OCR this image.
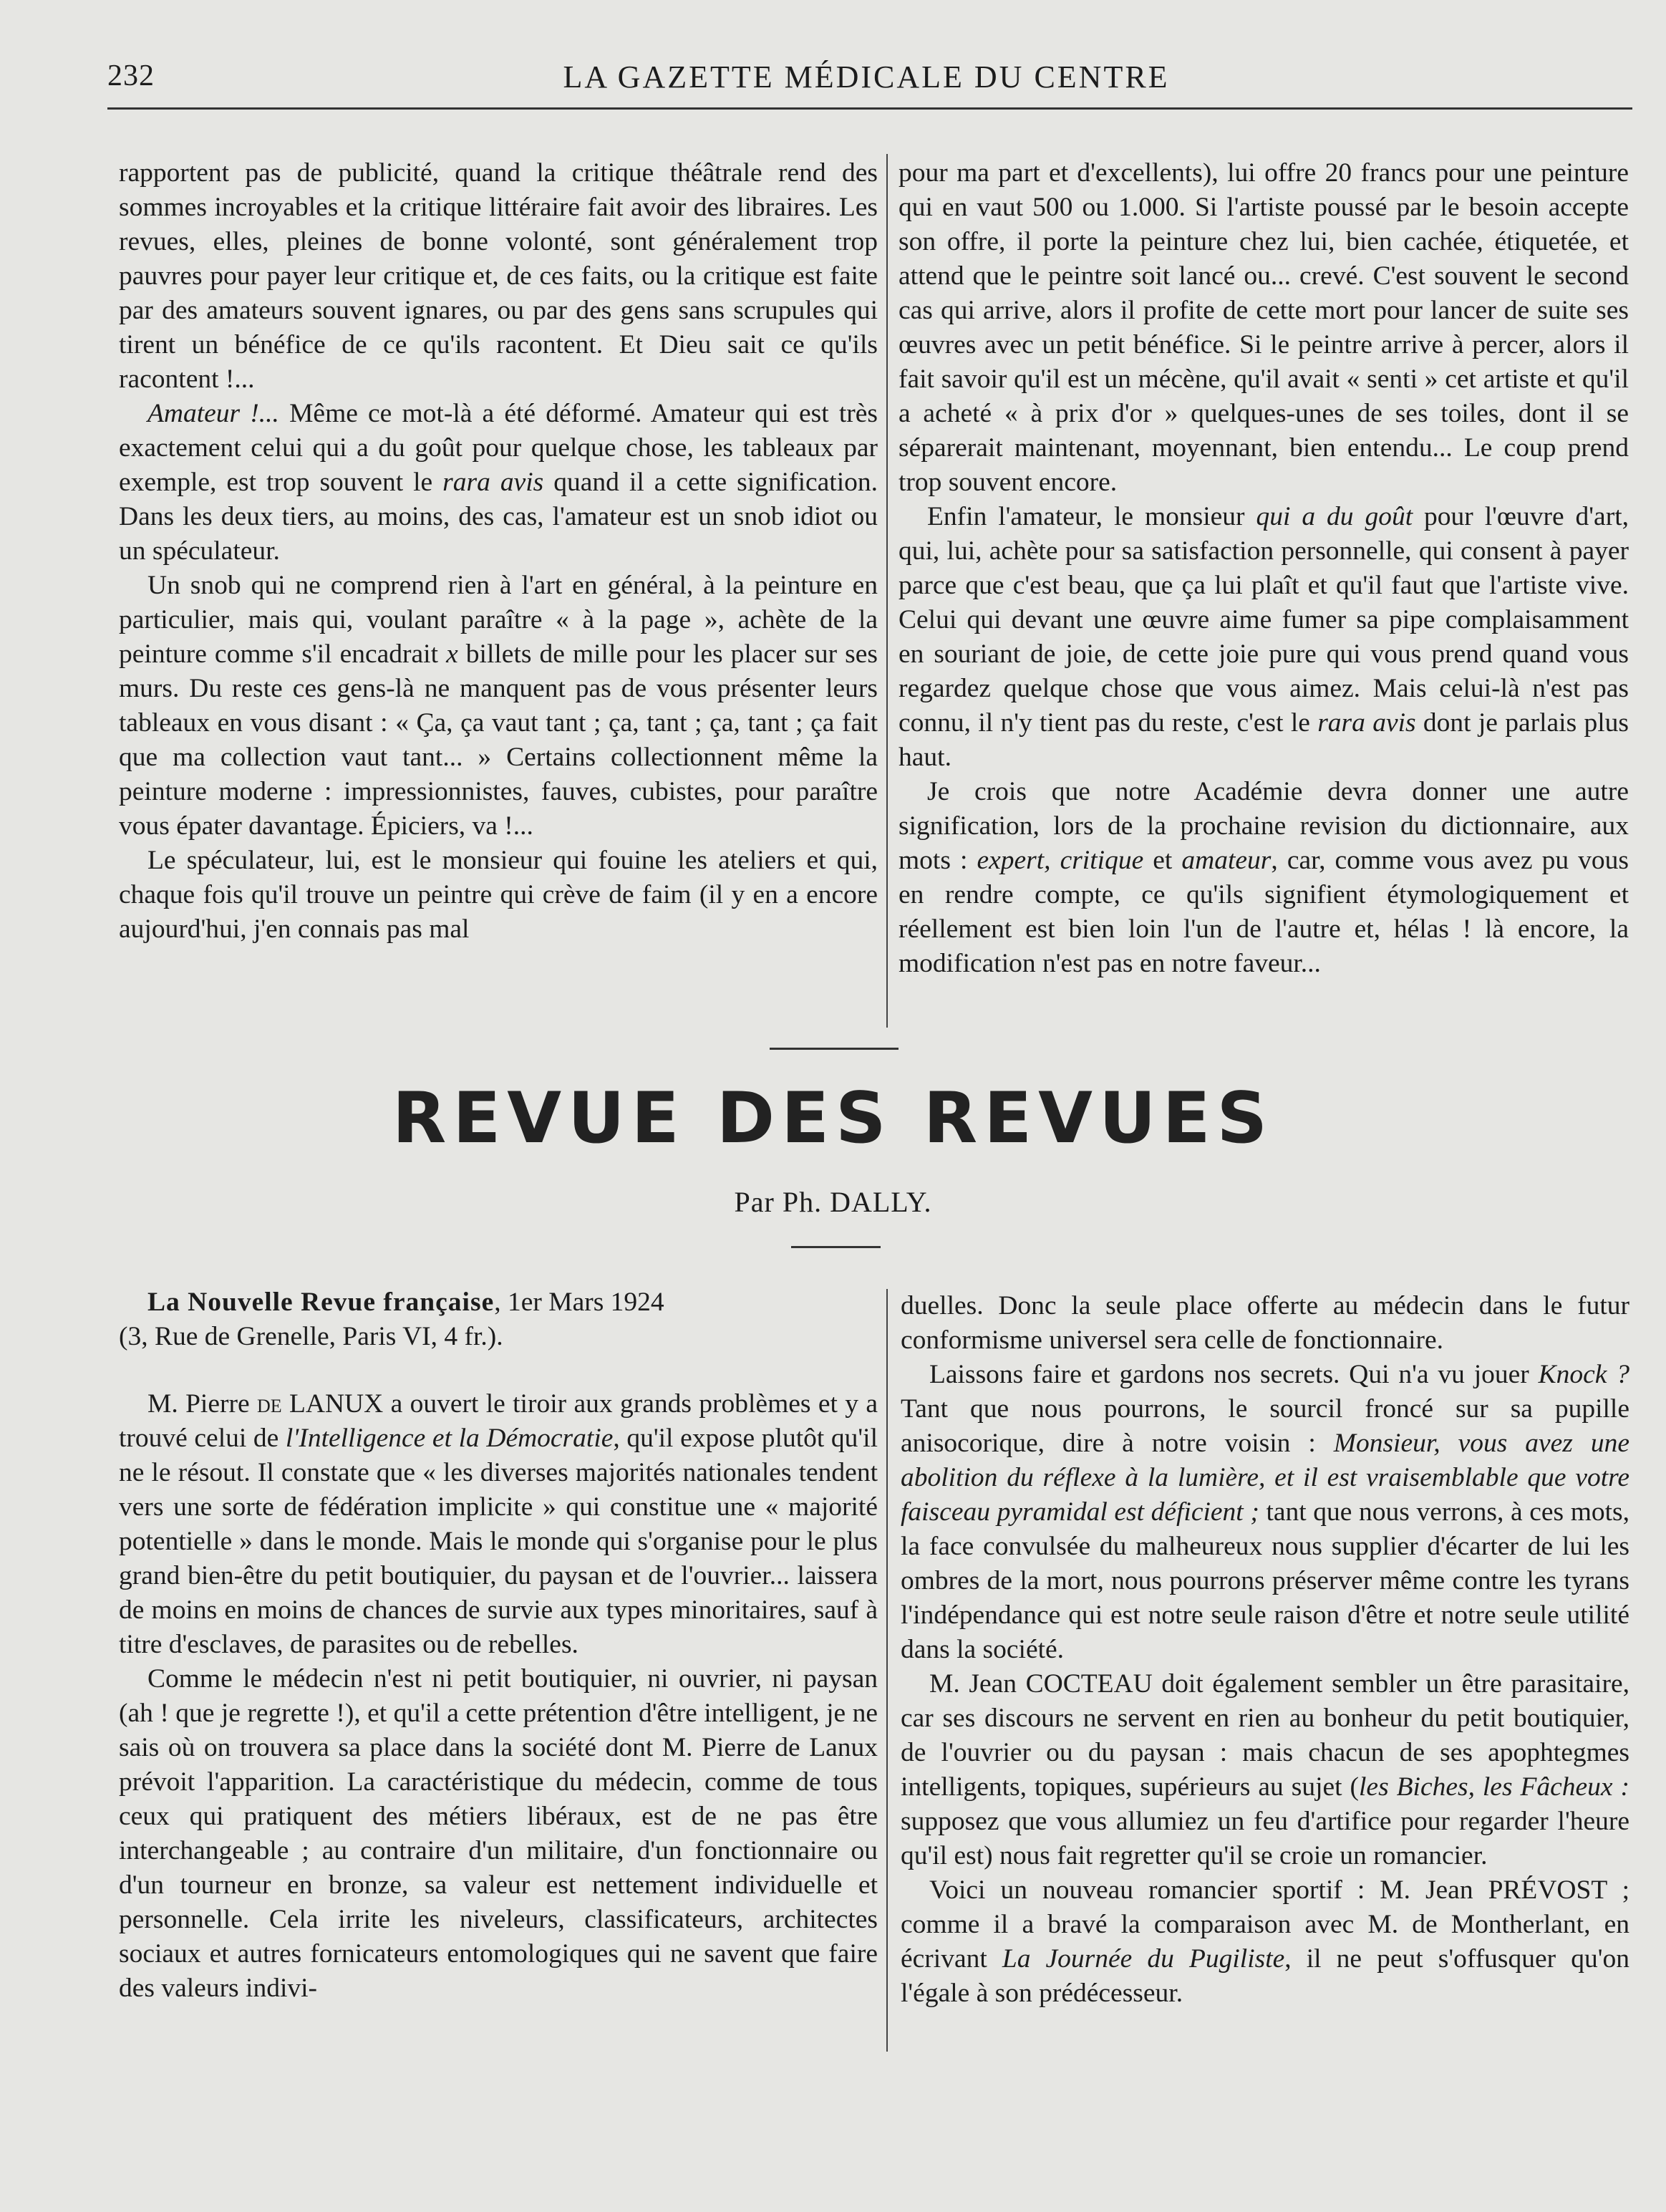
232	LA GAZETTE MÉDICALE DU CENTRE

rapportent pas de publicité, quand la critique théâtrale rend des sommes incroyables et la critique littéraire fait avoir des libraires. Les revues, elles, pleines de bonne volonté, sont généralement trop pauvres pour payer leur critique et, de ces faits, ou la critique est faite par des amateurs souvent ignares, ou par des gens sans scrupules qui tirent un bénéfice de ce qu'ils racontent. Et Dieu sait ce qu'ils racontent !...

Amateur !... Même ce mot-là a été déformé. Amateur qui est très exactement celui qui a du goût pour quelque chose, les tableaux par exemple, est trop souvent le rara avis quand il a cette signification. Dans les deux tiers, au moins, des cas, l'amateur est un snob idiot ou un spéculateur.

Un snob qui ne comprend rien à l'art en général, à la peinture en particulier, mais qui, voulant paraître « à la page », achète de la peinture comme s'il encadrait x billets de mille pour les placer sur ses murs. Du reste ces gens-là ne manquent pas de vous présenter leurs tableaux en vous disant : « Ça, ça vaut tant ; ça, tant ; ça, tant ; ça fait que ma collection vaut tant... » Certains collectionnent même la peinture moderne : impressionnistes, fauves, cubistes, pour paraître vous épater davantage. Épiciers, va !...

Le spéculateur, lui, est le monsieur qui fouine les ateliers et qui, chaque fois qu'il trouve un peintre qui crève de faim (il y en a encore aujourd'hui, j'en connais pas mal

pour ma part et d'excellents), lui offre 20 francs pour une peinture qui en vaut 500 ou 1.000. Si l'artiste poussé par le besoin accepte son offre, il porte la peinture chez lui, bien cachée, étiquetée, et attend que le peintre soit lancé ou... crevé. C'est souvent le second cas qui arrive, alors il profite de cette mort pour lancer de suite ses œuvres avec un petit bénéfice. Si le peintre arrive à percer, alors il fait savoir qu'il est un mécène, qu'il avait « senti » cet artiste et qu'il a acheté « à prix d'or » quelques-unes de ses toiles, dont il se séparerait maintenant, moyennant, bien entendu... Le coup prend trop souvent encore.

Enfin l'amateur, le monsieur qui a du goût pour l'œuvre d'art, qui, lui, achète pour sa satisfaction personnelle, qui consent à payer parce que c'est beau, que ça lui plaît et qu'il faut que l'artiste vive. Celui qui devant une œuvre aime fumer sa pipe complaisamment en souriant de joie, de cette joie pure qui vous prend quand vous regardez quelque chose que vous aimez. Mais celui-là n'est pas connu, il n'y tient pas du reste, c'est le rara avis dont je parlais plus haut.

Je crois que notre Académie devra donner une autre signification, lors de la prochaine revision du dictionnaire, aux mots : expert, critique et amateur, car, comme vous avez pu vous en rendre compte, ce qu'ils signifient étymologiquement et réellement est bien loin l'un de l'autre et, hélas ! là encore, la modification n'est pas en notre faveur...

REVUE DES REVUES
Par Ph. DALLY.

La Nouvelle Revue française, 1er Mars 1924

(3, Rue de Grenelle, Paris VI, 4 fr.).

M. Pierre de LANUX a ouvert le tiroir aux grands problèmes et y a trouvé celui de l'Intelligence et la Démocratie, qu'il expose plutôt qu'il ne le résout. Il constate que « les diverses majorités nationales tendent vers une sorte de fédération implicite » qui constitue une « majorité potentielle » dans le monde. Mais le monde qui s'organise pour le plus grand bien-être du petit boutiquier, du paysan et de l'ouvrier... laissera de moins en moins de chances de survie aux types minoritaires, sauf à titre d'esclaves, de parasites ou de rebelles.

Comme le médecin n'est ni petit boutiquier, ni ouvrier, ni paysan (ah ! que je regrette !), et qu'il a cette prétention d'être intelligent, je ne sais où on trouvera sa place dans la société dont M. Pierre de Lanux prévoit l'apparition. La caractéristique du médecin, comme de tous ceux qui pratiquent des métiers libéraux, est de ne pas être interchangeable ; au contraire d'un militaire, d'un fonctionnaire ou d'un tourneur en bronze, sa valeur est nettement individuelle et personnelle. Cela irrite les niveleurs, classificateurs, architectes sociaux et autres fornicateurs entomologiques qui ne savent que faire des valeurs indivi-

duelles. Donc la seule place offerte au médecin dans le futur conformisme universel sera celle de fonctionnaire.

Laissons faire et gardons nos secrets. Qui n'a vu jouer Knock ? Tant que nous pourrons, le sourcil froncé sur sa pupille anisocorique, dire à notre voisin : Monsieur, vous avez une abolition du réflexe à la lumière, et il est vraisemblable que votre faisceau pyramidal est déficient ; tant que nous verrons, à ces mots, la face convulsée du malheureux nous supplier d'écarter de lui les ombres de la mort, nous pourrons préserver même contre les tyrans l'indépendance qui est notre seule raison d'être et notre seule utilité dans la société.

M. Jean COCTEAU doit également sembler un être parasitaire, car ses discours ne servent en rien au bonheur du petit boutiquier, de l'ouvrier ou du paysan : mais chacun de ses apophtegmes intelligents, topiques, supérieurs au sujet (les Biches, les Fâcheux : supposez que vous allumiez un feu d'artifice pour regarder l'heure qu'il est) nous fait regretter qu'il se croie un romancier.

Voici un nouveau romancier sportif : M. Jean PRÉVOST ; comme il a bravé la comparaison avec M. de Montherlant, en écrivant La Journée du Pugiliste, il ne peut s'offusquer qu'on l'égale à son prédécesseur.
